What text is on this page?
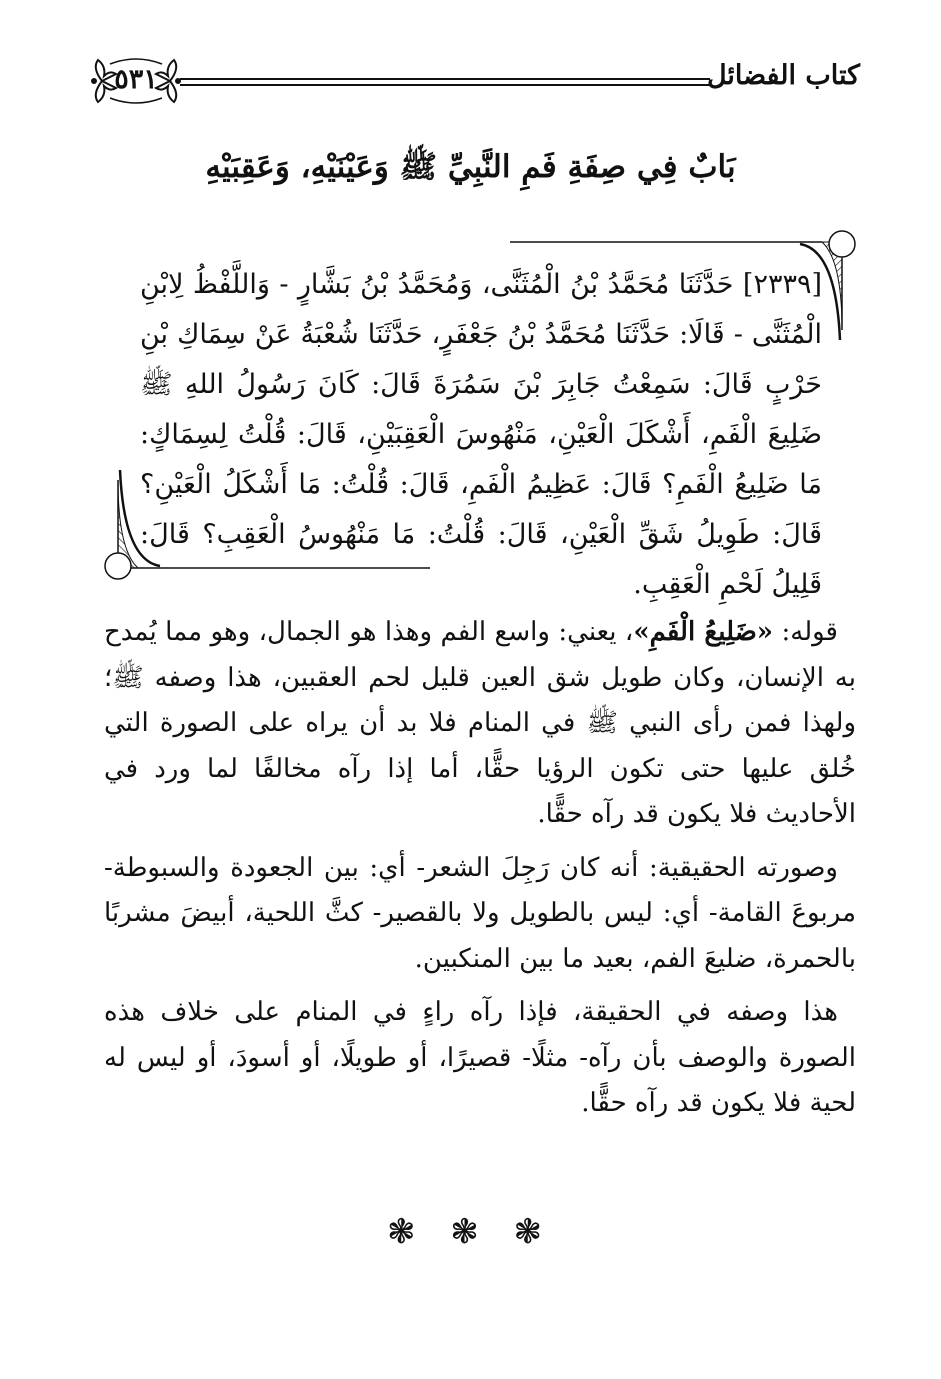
كتاب الفضائل
٥٣١
بَابٌ فِي صِفَةِ فَمِ النَّبِيِّ ﷺ وَعَيْنَيْهِ، وَعَقِبَيْهِ
[٢٣٣٩] حَدَّثَنَا مُحَمَّدُ بْنُ الْمُثَنَّى، وَمُحَمَّدُ بْنُ بَشَّارٍ - وَاللَّفْظُ لِابْنِ الْمُثَنَّى - قَالَا: حَدَّثَنَا مُحَمَّدُ بْنُ جَعْفَرٍ، حَدَّثَنَا شُعْبَةُ عَنْ سِمَاكِ بْنِ حَرْبٍ قَالَ: سَمِعْتُ جَابِرَ بْنَ سَمُرَةَ قَالَ: كَانَ رَسُولُ اللهِ ﷺ ضَلِيعَ الْفَمِ، أَشْكَلَ الْعَيْنِ، مَنْهُوسَ الْعَقِبَيْنِ، قَالَ: قُلْتُ لِسِمَاكٍ: مَا ضَلِيعُ الْفَمِ؟ قَالَ: عَظِيمُ الْفَمِ، قَالَ: قُلْتُ: مَا أَشْكَلُ الْعَيْنِ؟ قَالَ: طَوِيلُ شَقِّ الْعَيْنِ، قَالَ: قُلْتُ: مَا مَنْهُوسُ الْعَقِبِ؟ قَالَ: قَلِيلُ لَحْمِ الْعَقِبِ.

قوله: «ضَلِيعُ الْفَمِ»، يعني: واسع الفم وهذا هو الجمال، وهو مما يُمدح به الإنسان، وكان طويل شق العين قليل لحم العقبين، هذا وصفه ﷺ؛ ولهذا فمن رأى النبي ﷺ في المنام فلا بد أن يراه على الصورة التي خُلق عليها حتى تكون الرؤيا حقًّا، أما إذا رآه مخالفًا لما ورد في الأحاديث فلا يكون قد رآه حقًّا.

وصورته الحقيقية: أنه كان رَجِلَ الشعر- أي: بين الجعودة والسبوطة- مربوعَ القامة- أي: ليس بالطويل ولا بالقصير- كثَّ اللحية، أبيضَ مشربًا بالحمرة، ضليعَ الفم، بعيد ما بين المنكبين.

هذا وصفه في الحقيقة، فإذا رآه راءٍ في المنام على خلاف هذه الصورة والوصف بأن رآه- مثلًا- قصيرًا، أو طويلًا، أو أسودَ، أو ليس له لحية فلا يكون قد رآه حقًّا.

❃ ❃ ❃
